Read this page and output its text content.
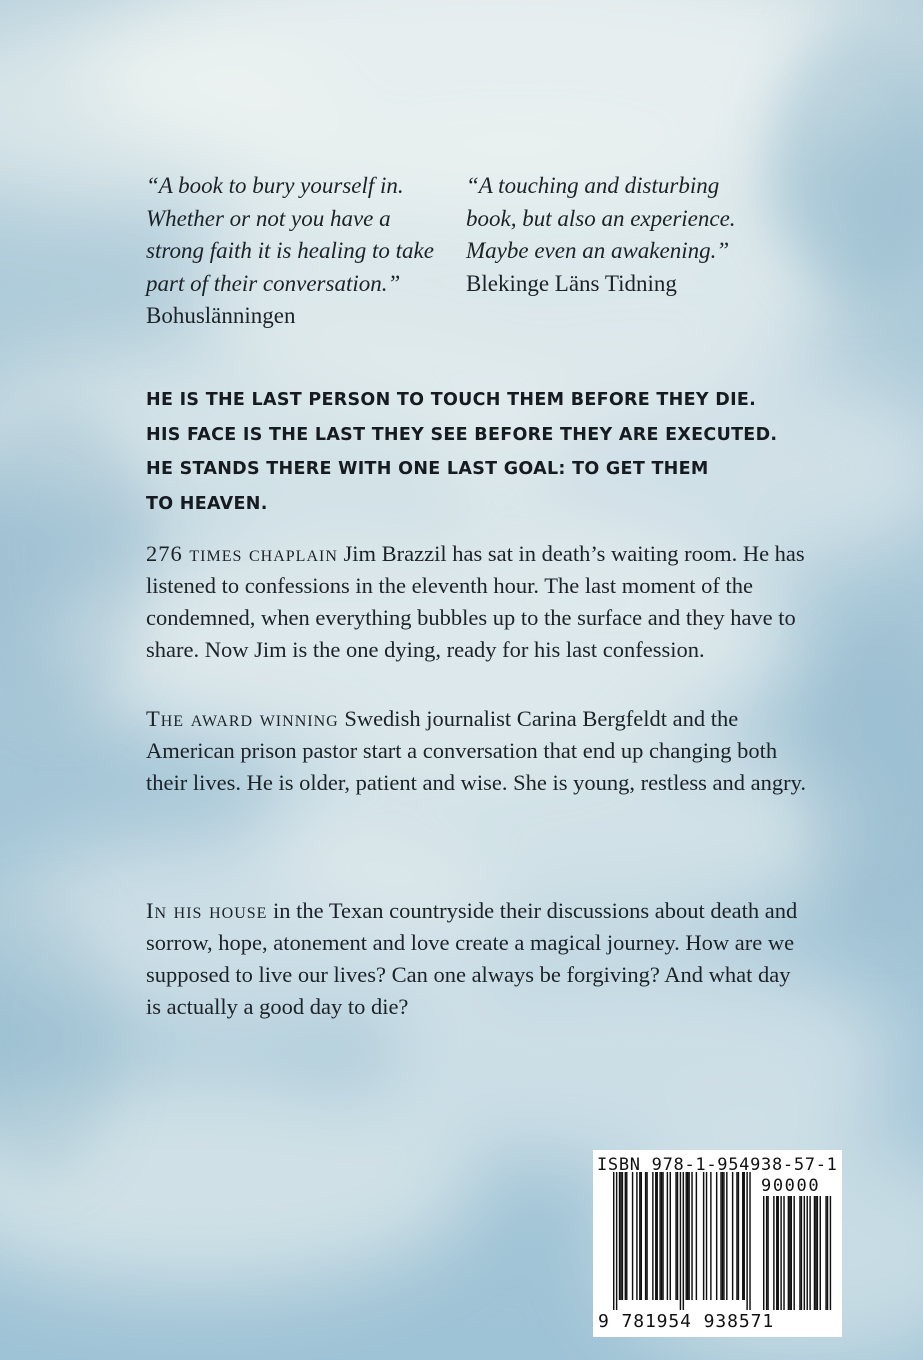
“A book to bury yourself in. Whether or not you have a strong faith it is healing to take part of their conversation.”
Bohuslänningen
“A touching and disturbing book, but also an experience. Maybe even an awakening.”
Blekinge Läns Tidning
HE IS THE LAST PERSON TO TOUCH THEM BEFORE THEY DIE.
HIS FACE IS THE LAST THEY SEE BEFORE THEY ARE EXECUTED.
HE STANDS THERE WITH ONE LAST GOAL: TO GET THEM
TO HEAVEN.
276 times chaplain Jim Brazzil has sat in death’s waiting room. He has listened to confessions in the eleventh hour. The last moment of the condemned, when everything bubbles up to the surface and they have to share. Now Jim is the one dying, ready for his last confession.
The award winning Swedish journalist Carina Bergfeldt and the American prison pastor start a conversation that end up changing both their lives. He is older, patient and wise. She is young, restless and angry.
In his house in the Texan countryside their discussions about death and sorrow, hope, atonement and love create a magical journey. How are we supposed to live our lives? Can one always be forgiving? And what day is actually a good day to die?
ISBN 978-1-954938-57-1
90000
9 781954 938571
